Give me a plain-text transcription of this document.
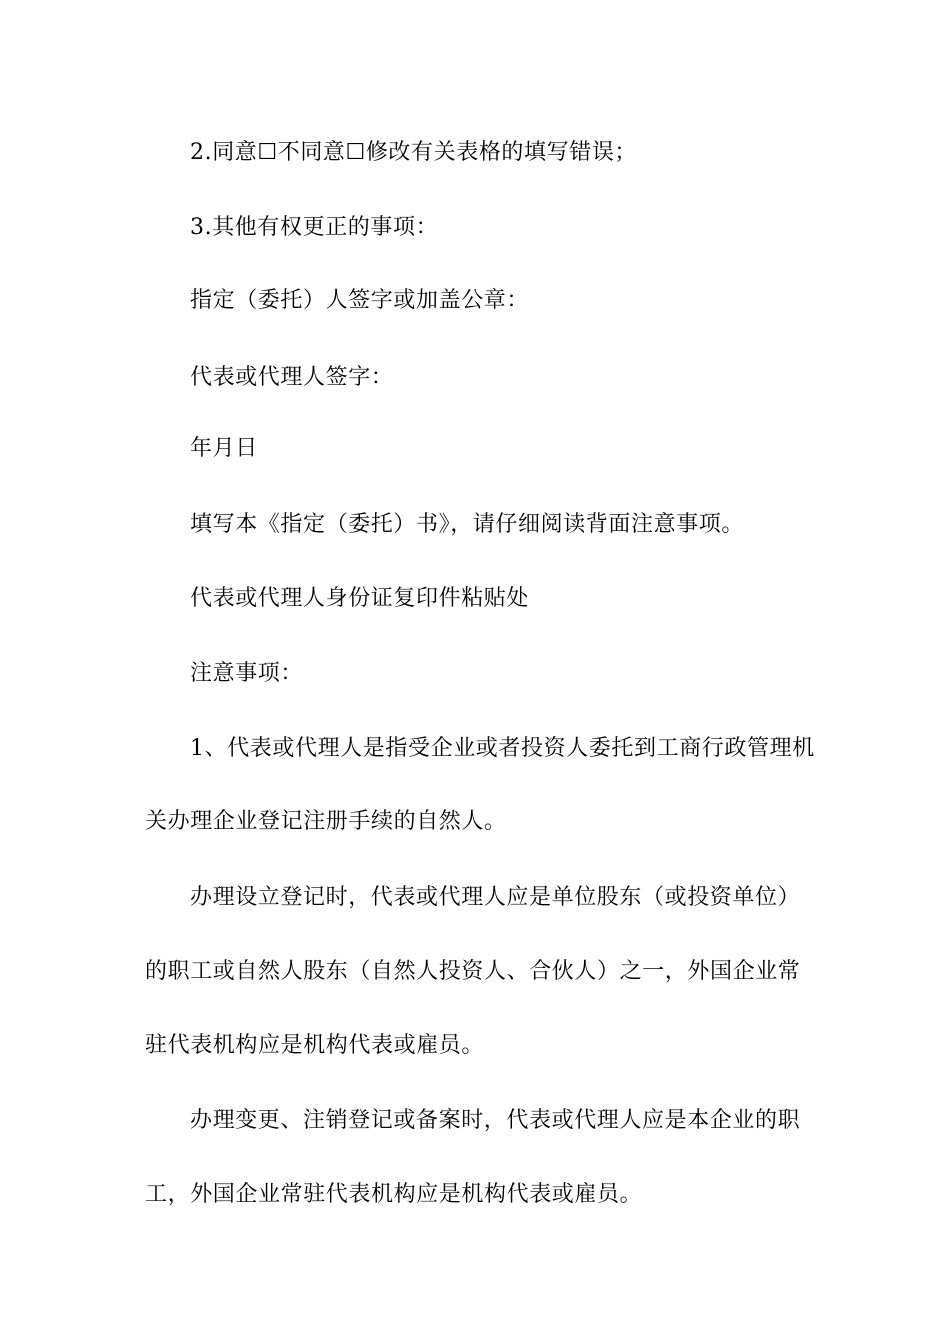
2.同意☐不同意☐修改有关表格的填写错误；
3.其他有权更正的事项：
指定（委托）人签字或加盖公章：
代表或代理人签字：
年月日
填写本《指定（委托）书》，请仔细阅读背面注意事项。
代表或代理人身份证复印件粘贴处
注意事项：
1、代表或代理人是指受企业或者投资人委托到工商行政管理机
关办理企业登记注册手续的自然人。
办理设立登记时，代表或代理人应是单位股东（或投资单位）
的职工或自然人股东（自然人投资人、合伙人）之一，外国企业常
驻代表机构应是机构代表或雇员。
办理变更、注销登记或备案时，代表或代理人应是本企业的职
工，外国企业常驻代表机构应是机构代表或雇员。
